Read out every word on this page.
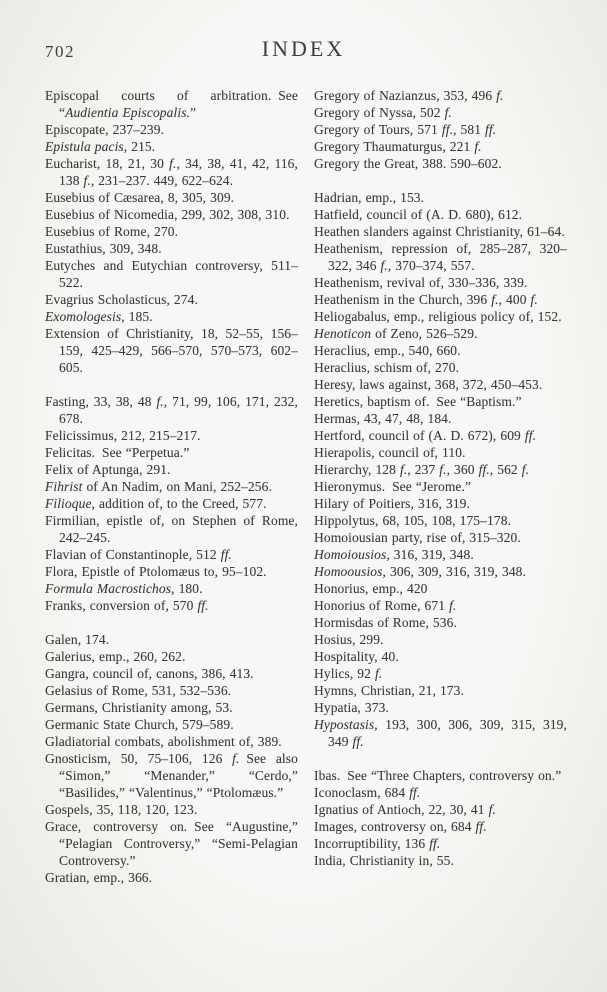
702	INDEX

Episcopal courts of arbitration. See “Audientia Episcopalis.”

Episcopate, 237–239.

Epistula pacis, 215.

Eucharist, 18, 21, 30 f., 34, 38, 41, 42, 116, 138 f., 231–237. 449, 622–624.

Eusebius of Cæsarea, 8, 305, 309.

Eusebius of Nicomedia, 299, 302, 308, 310.

Eusebius of Rome, 270.

Eustathius, 309, 348.

Eutyches and Eutychian controversy, 511–522.

Evagrius Scholasticus, 274.

Exomologesis, 185.

Extension of Christianity, 18, 52–55, 156–159, 425–429, 566–570, 570–573, 602–605.

Fasting, 33, 38, 48 f., 71, 99, 106, 171, 232, 678.

Felicissimus, 212, 215–217.

Felicitas. See “Perpetua.”

Felix of Aptunga, 291.

Fihrist of An Nadim, on Mani, 252–256.

Filioque, addition of, to the Creed, 577.

Firmilian, epistle of, on Stephen of Rome, 242–245.

Flavian of Constantinople, 512 ff.

Flora, Epistle of Ptolomæus to, 95–102.

Formula Macrostichos, 180.

Franks, conversion of, 570 ff.

Galen, 174.

Galerius, emp., 260, 262.

Gangra, council of, canons, 386, 413.

Gelasius of Rome, 531, 532–536.

Germans, Christianity among, 53.

Germanic State Church, 579–589.

Gladiatorial combats, abolishment of, 389.

Gnosticism, 50, 75–106, 126 f. See also “Simon,” “Menander,” “Cerdo,” “Basilides,” “Valentinus,” “Ptolomæus.”

Gospels, 35, 118, 120, 123.

Grace, controversy on. See “Augustine,” “Pelagian Controversy,” “Semi-Pelagian Controversy.”

Gratian, emp., 366.

Gregory of Nazianzus, 353, 496 f.

Gregory of Nyssa, 502 f.

Gregory of Tours, 571 ff., 581 ff.

Gregory Thaumaturgus, 221 f.

Gregory the Great, 388. 590–602.

Hadrian, emp., 153.

Hatfield, council of (A. D. 680), 612.

Heathen slanders against Christianity, 61–64.

Heathenism, repression of, 285–287, 320–322, 346 f., 370–374, 557.

Heathenism, revival of, 330–336, 339.

Heathenism in the Church, 396 f., 400 f.

Heliogabalus, emp., religious policy of, 152.

Henoticon of Zeno, 526–529.

Heraclius, emp., 540, 660.

Heraclius, schism of, 270.

Heresy, laws against, 368, 372, 450–453.

Heretics, baptism of. See “Baptism.”

Hermas, 43, 47, 48, 184.

Hertford, council of (A. D. 672), 609 ff.

Hierapolis, council of, 110.

Hierarchy, 128 f., 237 f., 360 ff., 562 f.

Hieronymus. See “Jerome.”

Hilary of Poitiers, 316, 319.

Hippolytus, 68, 105, 108, 175–178.

Homoiousian party, rise of, 315–320.

Homoiousios, 316, 319, 348.

Homoousios, 306, 309, 316, 319, 348.

Honorius, emp., 420

Honorius of Rome, 671 f.

Hormisdas of Rome, 536.

Hosius, 299.

Hospitality, 40.

Hylics, 92 f.

Hymns, Christian, 21, 173.

Hypatia, 373.

Hypostasis, 193, 300, 306, 309, 315, 319, 349 ff.

Ibas. See “Three Chapters, controversy on.”

Iconoclasm, 684 ff.

Ignatius of Antioch, 22, 30, 41 f.

Images, controversy on, 684 ff.

Incorruptibility, 136 ff.

India, Christianity in, 55.
